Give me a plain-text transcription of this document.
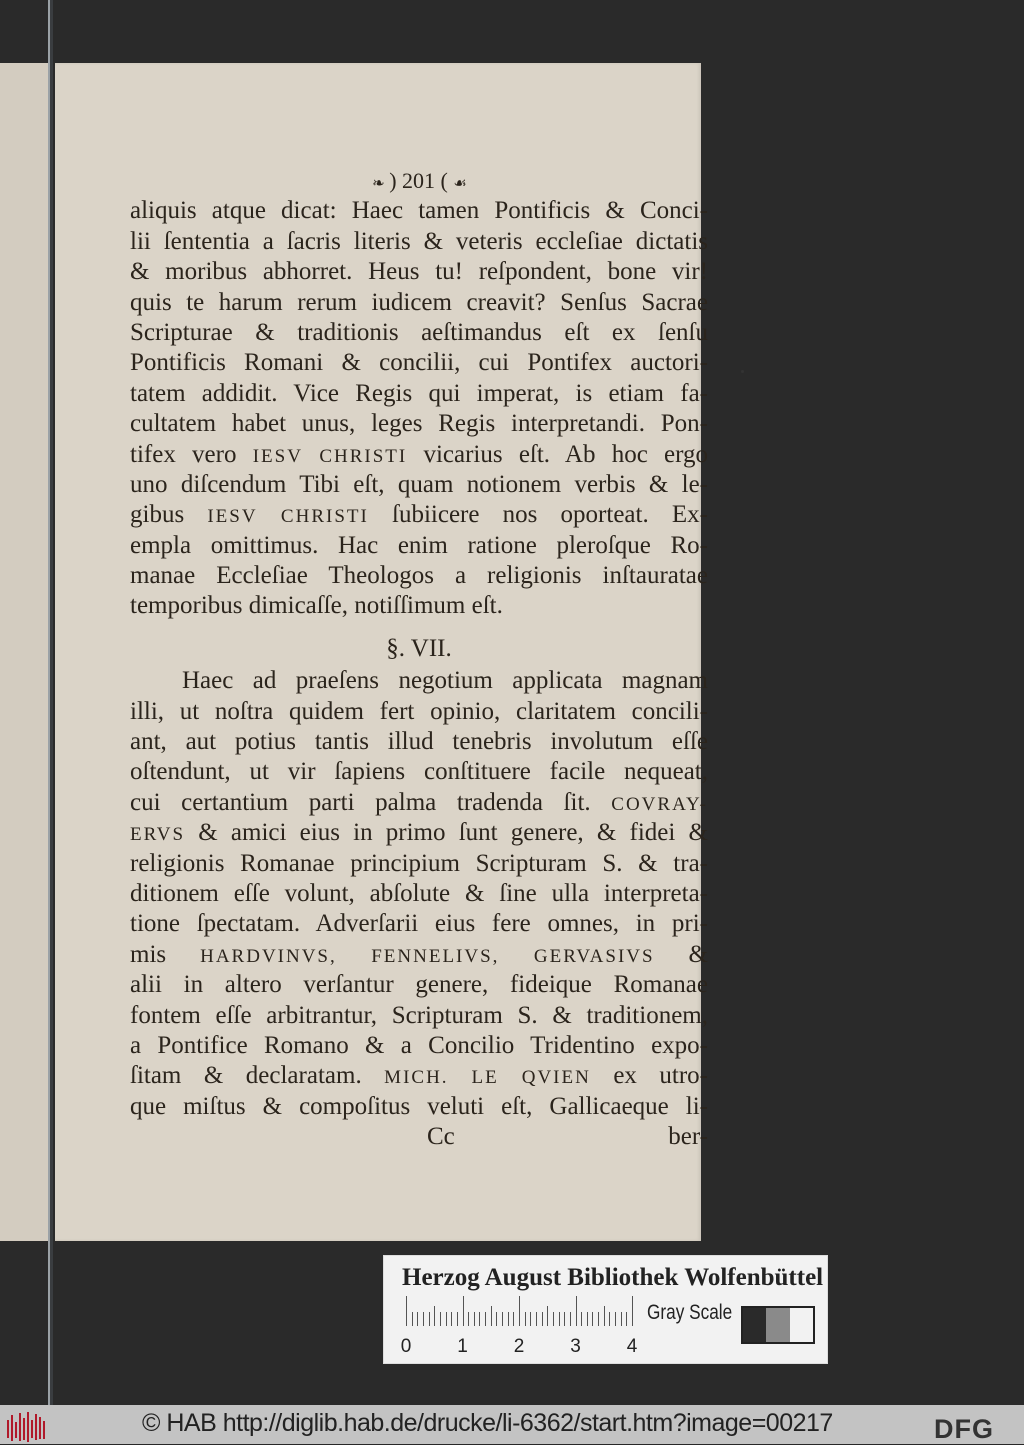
❧ ) 201 ( ☙
aliquis atque dicat: Haec tamen Pontificis & Conci-
lii ſententia a ſacris literis & veteris eccleſiae dictatis
& moribus abhorret. Heus tu! reſpondent, bone vir!
quis te harum rerum iudicem creavit? Senſus Sacrae
Scripturae & traditionis aeſtimandus eſt ex ſenſu
Pontificis Romani & concilii, cui Pontifex auctori-
tatem addidit. Vice Regis qui imperat, is etiam fa-
cultatem habet unus, leges Regis interpretandi. Pon-
tifex vero IESV CHRISTI vicarius eſt. Ab hoc ergo
uno diſcendum Tibi eſt, quam notionem verbis & le-
gibus IESV CHRISTI ſubiicere nos oporteat. Ex-
empla omittimus. Hac enim ratione pleroſque Ro-
manae Eccleſiae Theologos a religionis inſtauratae
temporibus dimicaſſe, notiſſimum eſt.
§. VII.
Haec ad praeſens negotium applicata magnam
illi, ut noſtra quidem fert opinio, claritatem concili-
ant, aut potius tantis illud tenebris involutum eſſe
oſtendunt, ut vir ſapiens conſtituere facile nequeat,
cui certantium parti palma tradenda ſit. COVRAY-
ERVS & amici eius in primo ſunt genere, & fidei &
religionis Romanae principium Scripturam S. & tra-
ditionem eſſe volunt, abſolute & ſine ulla interpreta-
tione ſpectatam. Adverſarii eius fere omnes, in pri-
mis HARDVINVS, FENNELIVS, GERVASIVS &
alii in altero verſantur genere, fideique Romanae
fontem eſſe arbitrantur, Scripturam S. & traditionem,
a Pontifice Romano & a Concilio Tridentino expo-
ſitam & declaratam. MICH. LE QVIEN ex utro-
que miſtus & compoſitus veluti eſt, Gallicaeque li-
Cc	ber-
Herzog August Bibliothek Wolfenbüttel
0 1 2 3 4
Gray Scale
© HAB http://diglib.hab.de/drucke/li-6362/start.htm?image=00217	DFG
